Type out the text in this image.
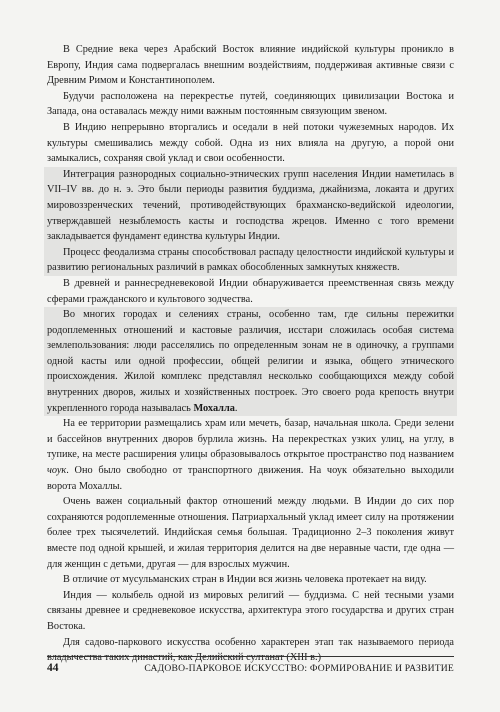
В Средние века через Арабский Восток влияние индийской культуры проникло в Европу, Индия сама подвергалась внешним воздействиям, поддерживая активные связи с Древним Римом и Константинополем.

Будучи расположена на перекрестье путей, соединяющих цивилизации Востока и Запада, она оставалась между ними важным постоянным связующим звеном.

В Индию непрерывно вторгались и оседали в ней потоки чужеземных народов. Их культуры смешивались между собой. Одна из них влияла на другую, а порой они замыкались, сохраняя свой уклад и свои особенности.

Интеграция разнородных социально-этнических групп населения Индии наметилась в VII–IV вв. до н. э. Это были периоды развития буддизма, джайнизма, локаята и других мировоззренческих течений, противодействующих брахманско-ведийской идеологии, утверждавшей незыблемость касты и господства жрецов. Именно с того времени закладывается фундамент единства культуры Индии.

Процесс феодализма страны способствовал распаду целостности индийской культуры и развитию региональных различий в рамках обособленных замкнутых княжеств.

В древней и раннесредневековой Индии обнаруживается преемственная связь между сферами гражданского и культового зодчества.

Во многих городах и селениях страны, особенно там, где сильны пережитки родоплеменных отношений и кастовые различия, исстари сложилась особая система землепользования: люди расселялись по определенным зонам не в одиночку, а группами одной касты или одной профессии, общей религии и языка, общего этнического происхождения. Жилой комплекс представлял несколько сообщающихся между собой внутренних дворов, жилых и хозяйственных построек. Это своего рода крепость внутри укрепленного города называлась Мохалла.

На ее территории размещались храм или мечеть, базар, начальная школа. Среди зелени и бассейнов внутренних дворов бурлила жизнь. На перекрестках узких улиц, на углу, в тупике, на месте расширения улицы образовывалось открытое пространство под названием чоук. Оно было свободно от транспортного движения. На чоук обязательно выходили ворота Мохаллы.

Очень важен социальный фактор отношений между людьми. В Индии до сих пор сохраняются родоплеменные отношения. Патриархальный уклад имеет силу на протяжении более трех тысячелетий. Индийская семья большая. Традиционно 2–3 поколения живут вместе под одной крышей, и жилая территория делится на две неравные части, где одна — для женщин с детьми, другая — для взрослых мужчин.

В отличие от мусульманских стран в Индии вся жизнь человека протекает на виду.

Индия — колыбель одной из мировых религий — буддизма. С ней тесными узами связаны древнее и средневековое искусства, архитектура этого государства и других стран Востока.

Для садово-паркового искусства особенно характерен этап так называемого периода владычества таких династий, как Делийский султанат (XIII в.)

44	САДОВО-ПАРКОВОЕ ИСКУССТВО: ФОРМИРОВАНИЕ И РАЗВИТИЕ
